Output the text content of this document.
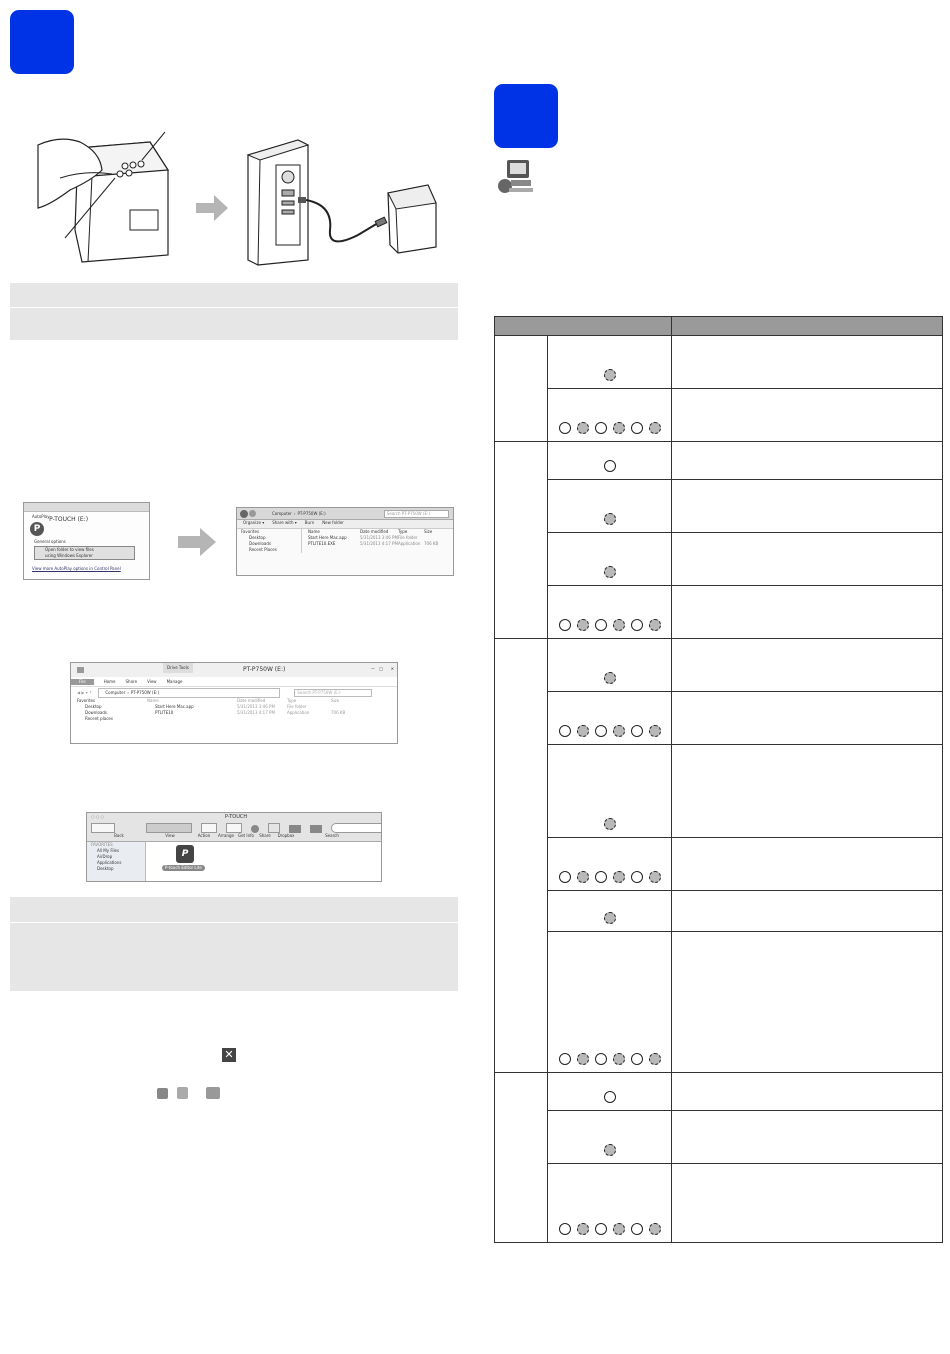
AutoPlay
P $^{P-TOUCH (E:)}$
General options
Open folder to view files
using Windows Explorer
View more AutoPlay options in Control Panel
Computer › PT-P750W (E:)	Search PT-P750W (E:)
Organize ▾ Share with ▾ Burn New folder
Favorites
Desktop
Downloads
Recent Places
Name	Date modified	Type	Size
Start Here Mac.app	5/31/2013 3:46 PM File folder
PTLITE10.EXE	5/31/2013 4:17 PM Application 706 KB
Drive Tools	PT-P750W (E:)	— □ ✕
File	Home	Share	View	Manage
◀ ▶ ▾ ↑	Computer › PT-P750W (E:)	Search PT-P750W (E:)
Favorites
Desktop
Downloads
Recent places
Name	Date modified	Type	Size
Start Here Mac.app	5/31/2013 3:46 PM	File folder
PTLITE10	5/31/2013 4:17 PM	Application	706 KB
○ ○ ○	P-TOUCH
Back	View	Action	Arrange	Get Info	Share	Dropbox	Search
FAVORITES
All My Files
AirDrop
Applications
Desktop
P
P-touch Editor Lite
✕
